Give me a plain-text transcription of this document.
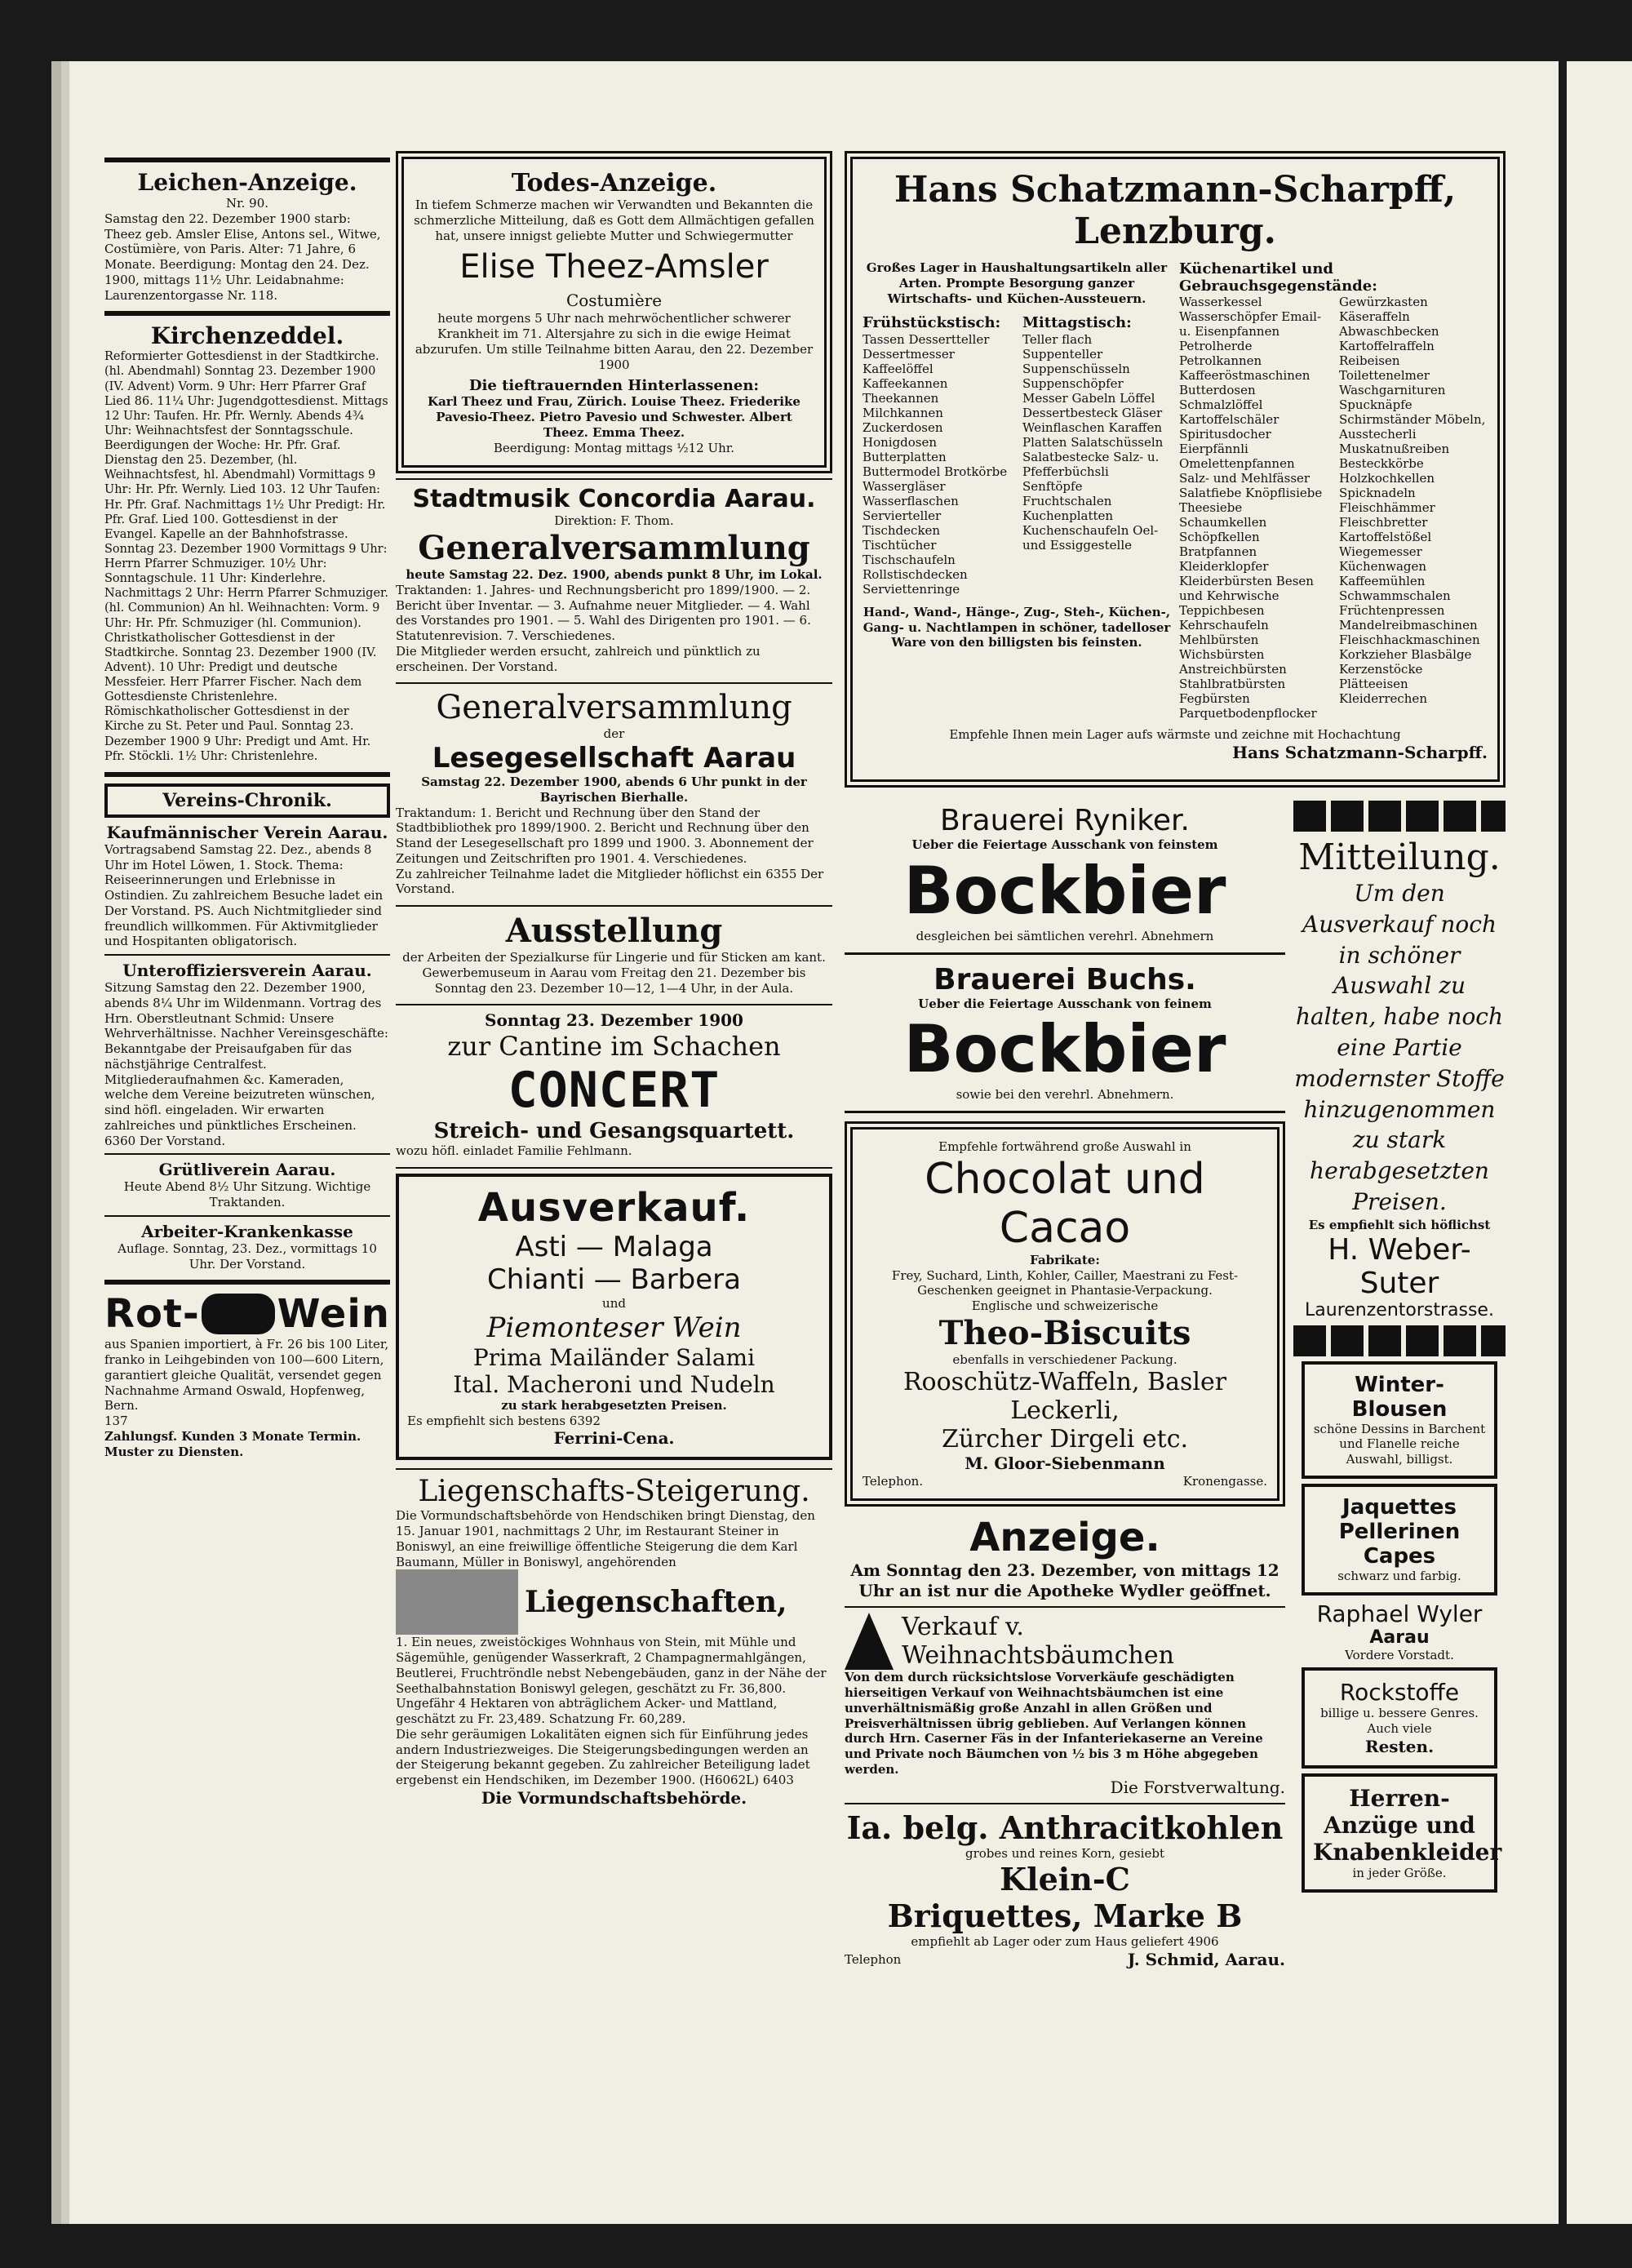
Leichen-Anzeige.
Nr. 90.

Samstag den 22. Dezember 1900 starb: Theez geb. Amsler Elise, Antons sel., Witwe, Costümière, von Paris. Alter: 71 Jahre, 6 Monate. Beerdigung: Montag den 24. Dez. 1900, mittags 11½ Uhr. Leidabnahme: Laurenzentorgasse Nr. 118.

Kirchenzeddel.

Reformierter Gottesdienst in der Stadtkirche. (hl. Abendmahl) Sonntag 23. Dezember 1900 (IV. Advent) Vorm. 9 Uhr: Herr Pfarrer Graf Lied 86. 11¼ Uhr: Jugendgottesdienst. Mittags 12 Uhr: Taufen. Hr. Pfr. Wernly. Abends 4¾ Uhr: Weihnachtsfest der Sonntagsschule. Beerdigungen der Woche: Hr. Pfr. Graf. Dienstag den 25. Dezember, (hl. Weihnachtsfest, hl. Abendmahl) Vormittags 9 Uhr: Hr. Pfr. Wernly. Lied 103. 12 Uhr Taufen: Hr. Pfr. Graf. Nachmittags 1½ Uhr Predigt: Hr. Pfr. Graf. Lied 100. Gottesdienst in der Evangel. Kapelle an der Bahnhofstrasse. Sonntag 23. Dezember 1900 Vormittags 9 Uhr: Herrn Pfarrer Schmuziger. 10½ Uhr: Sonntagschule. 11 Uhr: Kinderlehre. Nachmittags 2 Uhr: Herrn Pfarrer Schmuziger. (hl. Communion) An hl. Weihnachten: Vorm. 9 Uhr: Hr. Pfr. Schmuziger (hl. Communion). Christkatholischer Gottesdienst in der Stadtkirche. Sonntag 23. Dezember 1900 (IV. Advent). 10 Uhr: Predigt und deutsche Messfeier. Herr Pfarrer Fischer. Nach dem Gottesdienste Christenlehre. Römischkatholischer Gottesdienst in der Kirche zu St. Peter und Paul. Sonntag 23. Dezember 1900 9 Uhr: Predigt und Amt. Hr. Pfr. Stöckli. 1½ Uhr: Christenlehre.

Vereins-Chronik.
Kaufmännischer Verein Aarau.

Vortragsabend Samstag 22. Dez., abends 8 Uhr im Hotel Löwen, 1. Stock. Thema: Reiseerinnerungen und Erlebnisse in Ostindien. Zu zahlreichem Besuche ladet ein Der Vorstand. PS. Auch Nichtmitglieder sind freundlich willkommen. Für Aktivmitglieder und Hospitanten obligatorisch.

Unteroffiziersverein Aarau.

Sitzung Samstag den 22. Dezember 1900, abends 8¼ Uhr im Wildenmann. Vortrag des Hrn. Oberstleutnant Schmid: Unsere Wehrverhältnisse. Nachher Vereinsgeschäfte: Bekanntgabe der Preisaufgaben für das nächstjährige Centralfest. Mitgliederaufnahmen &c. Kameraden, welche dem Vereine beizutreten wünschen, sind höfl. eingeladen. Wir erwarten zahlreiches und pünktliches Erscheinen. 6360 Der Vorstand.

Grütliverein Aarau.

Heute Abend 8½ Uhr Sitzung. Wichtige Traktanden.

Arbeiter-Krankenkasse

Auflage. Sonntag, 23. Dez., vormittags 10 Uhr. Der Vorstand.

Rot- Wein

aus Spanien importiert, à Fr. 26 bis 100 Liter, franko in Leihgebinden von 100—600 Litern, garantiert gleiche Qualität, versendet gegen Nachnahme Armand Oswald, Hopfenweg, Bern.

137

Zahlungsf. Kunden 3 Monate Termin. Muster zu Diensten.

Todes-Anzeige.

In tiefem Schmerze machen wir Verwandten und Bekannten die schmerzliche Mitteilung, daß es Gott dem Allmächtigen gefallen hat, unsere innigst geliebte Mutter und Schwiegermutter

Elise Theez-Amsler
Costumière

heute morgens 5 Uhr nach mehrwöchentlicher schwerer Krankheit im 71. Altersjahre zu sich in die ewige Heimat abzurufen. Um stille Teilnahme bitten Aarau, den 22. Dezember 1900

Die tieftrauernden Hinterlassenen:

Karl Theez und Frau, Zürich. Louise Theez. Friederike Pavesio-Theez. Pietro Pavesio und Schwester. Albert Theez. Emma Theez.

Beerdigung: Montag mittags ½12 Uhr.

Stadtmusik Concordia Aarau.
Direktion: F. Thom.
Generalversammlung

heute Samstag 22. Dez. 1900, abends punkt 8 Uhr, im Lokal.

Traktanden: 1. Jahres- und Rechnungsbericht pro 1899/1900. — 2. Bericht über Inventar. — 3. Aufnahme neuer Mitglieder. — 4. Wahl des Vorstandes pro 1901. — 5. Wahl des Dirigenten pro 1901. — 6. Statutenrevision. 7. Verschiedenes.

Die Mitglieder werden ersucht, zahlreich und pünktlich zu erscheinen. Der Vorstand.

Generalversammlung
der
Lesegesellschaft Aarau

Samstag 22. Dezember 1900, abends 6 Uhr punkt in der Bayrischen Bierhalle.

Traktandum: 1. Bericht und Rechnung über den Stand der Stadtbibliothek pro 1899/1900. 2. Bericht und Rechnung über den Stand der Lesegesellschaft pro 1899 und 1900. 3. Abonnement der Zeitungen und Zeitschriften pro 1901. 4. Verschiedenes.

Zu zahlreicher Teilnahme ladet die Mitglieder höflichst ein 6355 Der Vorstand.

Ausstellung

der Arbeiten der Spezialkurse für Lingerie und für Sticken am kant. Gewerbemuseum in Aarau vom Freitag den 21. Dezember bis Sonntag den 23. Dezember 10—12, 1—4 Uhr, in der Aula.

Sonntag 23. Dezember 1900
zur Cantine im Schachen
CONCERT
Streich- und Gesangsquartett.

wozu höfl. einladet Familie Fehlmann.

Ausverkauf.
Asti — Malaga
Chianti — Barbera
und
Piemonteser Wein
Prima Mailänder Salami
Ital. Macheroni und Nudeln
zu stark herabgesetzten Preisen.

Es empfiehlt sich bestens 6392

Ferrini-Cena.
Liegenschafts-Steigerung.

Die Vormundschaftsbehörde von Hendschiken bringt Dienstag, den 15. Januar 1901, nachmittags 2 Uhr, im Restaurant Steiner in Boniswyl, an eine freiwillige öffentliche Steigerung die dem Karl Baumann, Müller in Boniswyl, angehörenden

Liegenschaften,

1. Ein neues, zweistöckiges Wohnhaus von Stein, mit Mühle und Sägemühle, genügender Wasserkraft, 2 Champagnermahlgängen, Beutlerei, Fruchtröndle nebst Nebengebäuden, ganz in der Nähe der Seethalbahnstation Boniswyl gelegen, geschätzt zu Fr. 36,800. Ungefähr 4 Hektaren von abträglichem Acker- und Mattland, geschätzt zu Fr. 23,489. Schatzung Fr. 60,289.

Die sehr geräumigen Lokalitäten eignen sich für Einführung jedes andern Industriezweiges. Die Steigerungsbedingungen werden an der Steigerung bekannt gegeben. Zu zahlreicher Beteiligung ladet ergebenst ein Hendschiken, im Dezember 1900. (H6062L) 6403

Die Vormundschaftsbehörde.
Hans Schatzmann-Scharpff, Lenzburg.

Großes Lager in Haushaltungsartikeln aller Arten. Prompte Besorgung ganzer Wirtschafts- und Küchen-Aussteuern.

Frühstückstisch:

Tassen Dessertteller Dessertmesser Kaffeelöffel Kaffeekannen Theekannen Milchkannen Zuckerdosen Honigdosen Butterplatten Buttermodel Brotkörbe Wassergläser Wasserflaschen Servierteller Tischdecken Tischtücher Tischschaufeln Rollstischdecken Serviettenringe

Mittagstisch:

Teller flach Suppenteller Suppenschüsseln Suppenschöpfer Messer Gabeln Löffel Dessertbesteck Gläser Weinflaschen Karaffen Platten Salatschüsseln Salatbestecke Salz- u. Pfefferbüchsli Senftöpfe Fruchtschalen Kuchenplatten Kuchenschaufeln Oel- und Essiggestelle

Hand-, Wand-, Hänge-, Zug-, Steh-, Küchen-, Gang- u. Nachtlampen in schöner, tadelloser Ware von den billigsten bis feinsten.

Küchenartikel und Gebrauchsgegenstände:

Wasserkessel Wasserschöpfer Email- u. Eisenpfannen Petrolherde Petrolkannen Kaffeeröstmaschinen Butterdosen Schmalzlöffel Kartoffelschäler Spiritusdocher Eierpfännli Omelettenpfannen Salz- und Mehlfässer Salatfiebe Knöpflisiebe Theesiebe Schaumkellen Schöpfkellen Bratpfannen Kleiderklopfer Kleiderbürsten Besen und Kehrwische Teppichbesen Kehrschaufeln Mehlbürsten Wichsbürsten Anstreichbürsten Stahlbratbürsten Fegbürsten Parquetbodenpflocker

Gewürzkasten Käseraffeln Abwaschbecken Kartoffelraffeln Reibeisen Toilettenelmer Waschgarnituren Spucknäpfe Schirmständer Möbeln, Ausstecherli Muskatnußreiben Besteckkörbe Holzkochkellen Spicknadeln Fleischhämmer Fleischbretter Kartoffelstößel Wiegemesser Küchenwagen Kaffeemühlen Schwammschalen Früchtenpressen Mandelreibmaschinen Fleischhackmaschinen Korkzieher Blasbälge Kerzenstöcke Plätteeisen Kleiderrechen

Empfehle Ihnen mein Lager aufs wärmste und zeichne mit Hochachtung

Hans Schatzmann-Scharpff.
Brauerei Ryniker.
Ueber die Feiertage Ausschank von feinstem
Bockbier
desgleichen bei sämtlichen verehrl. Abnehmern
Brauerei Buchs.
Ueber die Feiertage Ausschank von feinem
Bockbier
sowie bei den verehrl. Abnehmern.
Empfehle fortwährend große Auswahl in
Chocolat und Cacao
Fabrikate:

Frey, Suchard, Linth, Kohler, Cailler, Maestrani zu Fest-Geschenken geeignet in Phantasie-Verpackung.

Englische und schweizerische
Theo-Biscuits
ebenfalls in verschiedener Packung.
Rooschütz-Waffeln, Basler Leckerli,
Zürcher Dirgeli etc.
M. Gloor-Siebenmann
Telephon.	Kronengasse.
Anzeige.

Am Sonntag den 23. Dezember, von mittags 12 Uhr an ist nur die Apotheke Wydler geöffnet.

Verkauf v. Weihnachtsbäumchen

Von dem durch rücksichtslose Vorverkäufe geschädigten hierseitigen Verkauf von Weihnachtsbäumchen ist eine unverhältnismäßig große Anzahl in allen Größen und Preisverhältnissen übrig geblieben. Auf Verlangen können durch Hrn. Caserner Fäs in der Infanteriekaserne an Vereine und Private noch Bäumchen von ½ bis 3 m Höhe abgegeben werden.

Die Forstverwaltung.
Ia. belg. Anthracitkohlen
grobes und reines Korn, gesiebt
Klein-C
Briquettes, Marke B
empfiehlt ab Lager oder zum Haus geliefert 4906
Telephon	J. Schmid, Aarau.
Mitteilung.

Um den Ausverkauf noch in schöner Auswahl zu halten, habe noch eine Partie modernster Stoffe hinzugenommen zu stark herabgesetzten Preisen.

Es empfiehlt sich höflichst
H. Weber-Suter
Laurenzentorstrasse.
Winter-Blousen

schöne Dessins in Barchent und Flanelle reiche Auswahl, billigst.

Jaquettes Pellerinen Capes

schwarz und farbig.

Raphael Wyler
Aarau
Vordere Vorstadt.
Rockstoffe

billige u. bessere Genres. Auch viele

Resten.
Herren-Anzüge und Knabenkleider

in jeder Größe.
